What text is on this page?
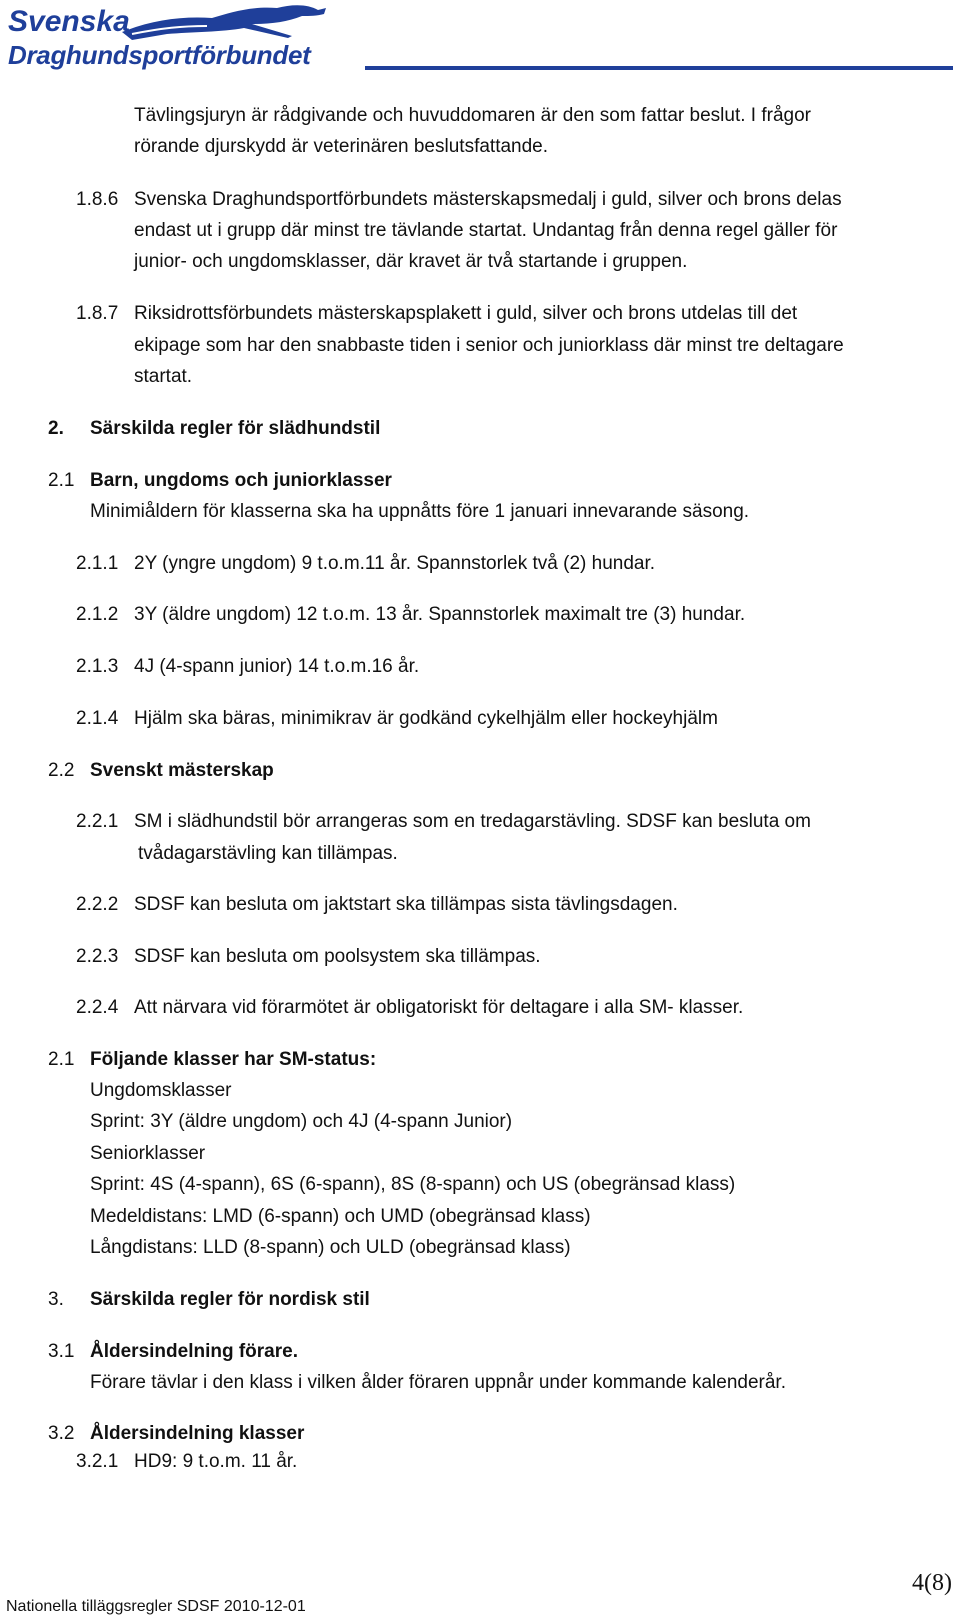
Svenska
Draghundsportförbundet
Tävlingsjuryn är rådgivande och huvuddomaren är den som fattar beslut. I frågor
rörande djurskydd är veterinären beslutsfattande.
1.8.6 Svenska Draghundsportförbundets mästerskapsmedalj i guld, silver och brons delas
endast ut i grupp där minst tre tävlande startat. Undantag från denna regel gäller för
junior- och ungdomsklasser, där kravet är två startande i gruppen.
1.8.7 Riksidrottsförbundets mästerskapsplakett i guld, silver och brons utdelas till det
ekipage som har den snabbaste tiden i senior och juniorklass där minst tre deltagare
startat.
2. Särskilda regler för slädhundstil
2.1 Barn, ungdoms och juniorklasser
Minimiåldern för klasserna ska ha uppnåtts före 1 januari innevarande säsong.
2.1.1 2Y (yngre ungdom) 9 t.o.m.11 år. Spannstorlek två (2) hundar.
2.1.2 3Y (äldre ungdom) 12 t.o.m. 13 år. Spannstorlek maximalt tre (3) hundar.
2.1.3 4J (4-spann junior) 14 t.o.m.16 år.
2.1.4 Hjälm ska bäras, minimikrav är godkänd cykelhjälm eller hockeyhjälm
2.2 Svenskt mästerskap
2.2.1 SM i slädhundstil bör arrangeras som en tredagarstävling. SDSF kan besluta om
tvådagarstävling kan tillämpas.
2.2.2 SDSF kan besluta om jaktstart ska tillämpas sista tävlingsdagen.
2.2.3 SDSF kan besluta om poolsystem ska tillämpas.
2.2.4 Att närvara vid förarmötet är obligatoriskt för deltagare i alla SM- klasser.
2.1 Följande klasser har SM-status:
Ungdomsklasser
Sprint: 3Y (äldre ungdom) och 4J (4-spann Junior)
Seniorklasser
Sprint: 4S (4-spann), 6S (6-spann), 8S (8-spann) och US (obegränsad klass)
Medeldistans: LMD (6-spann) och UMD (obegränsad klass)
Långdistans: LLD (8-spann) och ULD (obegränsad klass)
3. Särskilda regler för nordisk stil
3.1 Åldersindelning förare.
Förare tävlar i den klass i vilken ålder föraren uppnår under kommande kalenderår.
3.2 Åldersindelning klasser
3.2.1 HD9: 9 t.o.m. 11 år.
4(8)
Nationella tilläggsregler SDSF 2010-12-01
